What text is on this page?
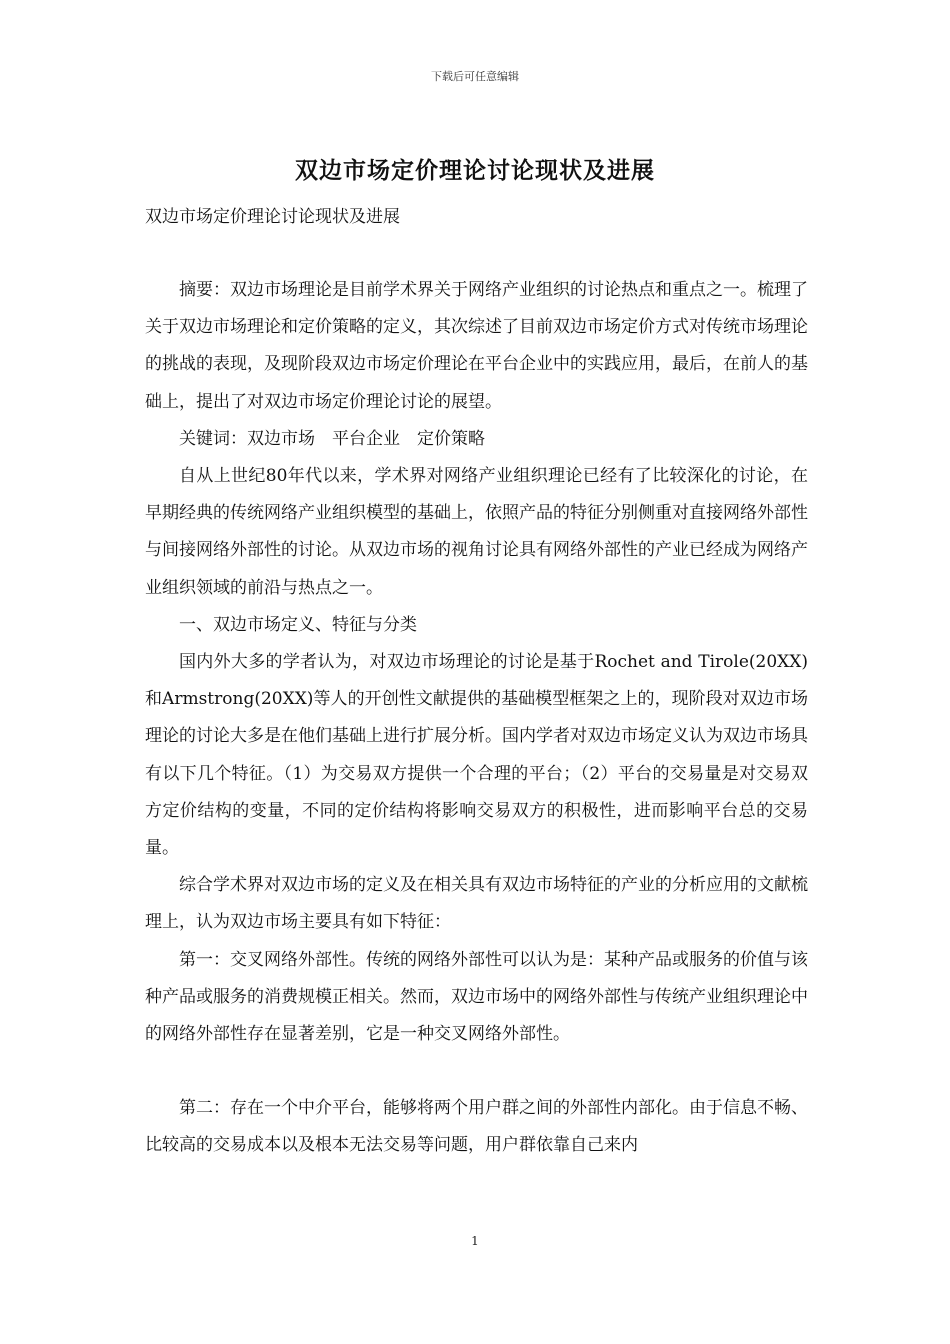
下载后可任意编辑
双边市场定价理论讨论现状及进展

双边市场定价理论讨论现状及进展

摘要：双边市场理论是目前学术界关于网络产业组织的讨论热点和重点之一。梳理了关于双边市场理论和定价策略的定义，其次综述了目前双边市场定价方式对传统市场理论的挑战的表现，及现阶段双边市场定价理论在平台企业中的实践应用，最后，在前人的基础上，提出了对双边市场定价理论讨论的展望。

关键词：双边市场　平台企业　定价策略

自从上世纪80年代以来，学术界对网络产业组织理论已经有了比较深化的讨论，在早期经典的传统网络产业组织模型的基础上，依照产品的特征分别侧重对直接网络外部性与间接网络外部性的讨论。从双边市场的视角讨论具有网络外部性的产业已经成为网络产业组织领域的前沿与热点之一。

一、双边市场定义、特征与分类

国内外大多的学者认为，对双边市场理论的讨论是基于Rochet and Tirole(20XX)和Armstrong(20XX)等人的开创性文献提供的基础模型框架之上的，现阶段对双边市场理论的讨论大多是在他们基础上进行扩展分析。国内学者对双边市场定义认为双边市场具有以下几个特征。（1）为交易双方提供一个合理的平台；（2）平台的交易量是对交易双方定价结构的变量，不同的定价结构将影响交易双方的积极性，进而影响平台总的交易量。

综合学术界对双边市场的定义及在相关具有双边市场特征的产业的分析应用的文献梳理上，认为双边市场主要具有如下特征：

第一：交叉网络外部性。传统的网络外部性可以认为是：某种产品或服务的价值与该种产品或服务的消费规模正相关。然而，双边市场中的网络外部性与传统产业组织理论中的网络外部性存在显著差别，它是一种交叉网络外部性。

第二：存在一个中介平台，能够将两个用户群之间的外部性内部化。由于信息不畅、比较高的交易成本以及根本无法交易等问题，用户群依靠自己来内

1
